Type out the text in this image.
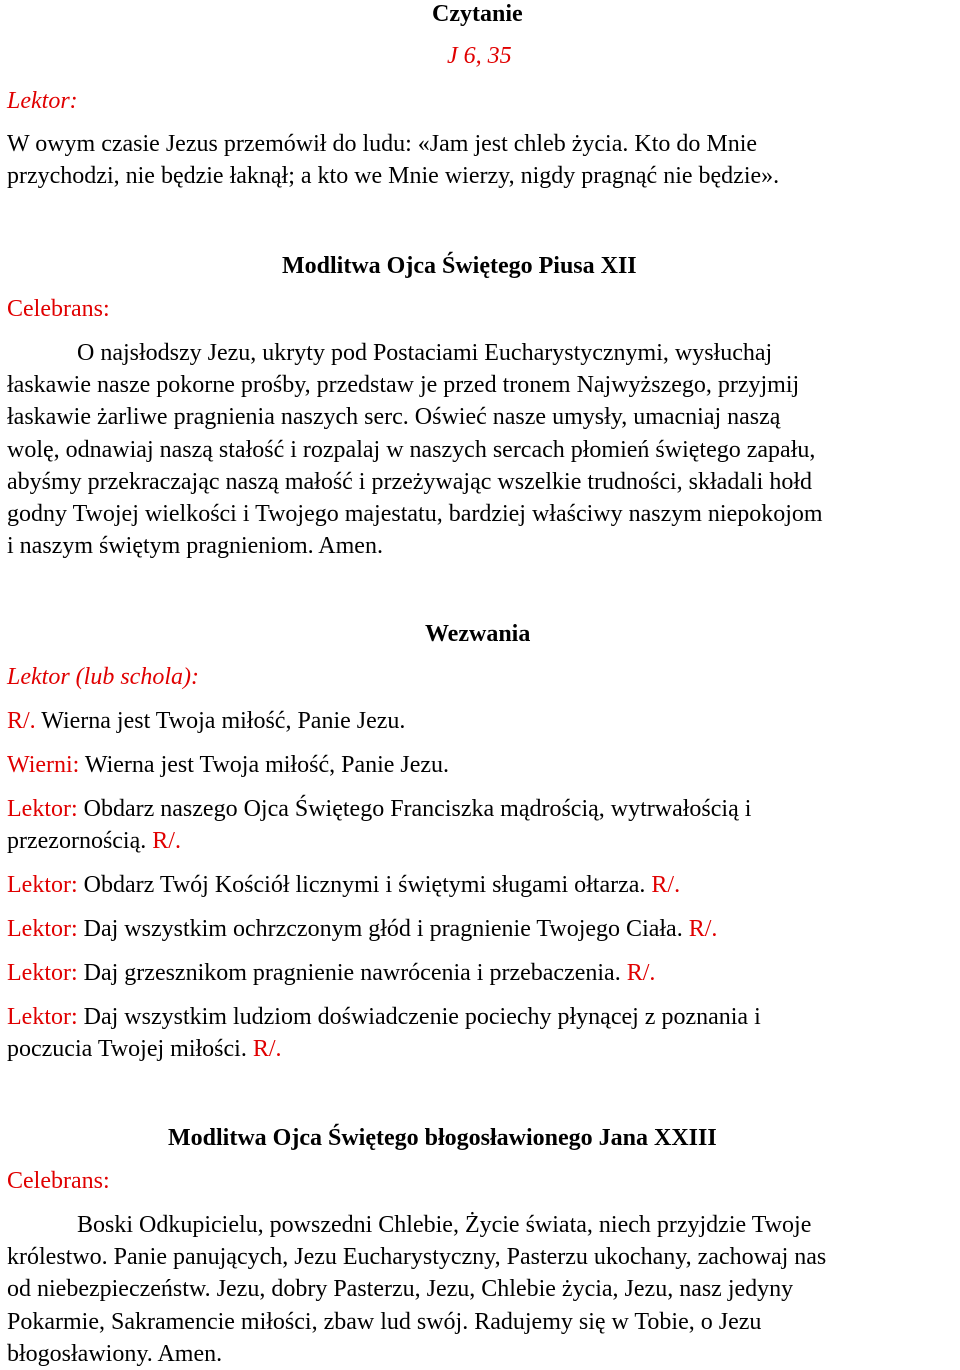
Czytanie
J 6, 35
Lektor:
W owym czasie Jezus przemówił do ludu: «Jam jest chleb życia. Kto do Mnie
przychodzi, nie będzie łaknął; a kto we Mnie wierzy, nigdy pragnąć nie będzie».
Modlitwa Ojca Świętego Piusa XII
Celebrans:
O najsłodszy Jezu, ukryty pod Postaciami Eucharystycznymi, wysłuchaj
łaskawie nasze pokorne prośby, przedstaw je przed tronem Najwyższego, przyjmij
łaskawie żarliwe pragnienia naszych serc. Oświeć nasze umysły, umacniaj naszą
wolę, odnawiaj naszą stałość i rozpalaj w naszych sercach płomień świętego zapału,
abyśmy przekraczając naszą małość i przeżywając wszelkie trudności, składali hołd
godny Twojej wielkości i Twojego majestatu, bardziej właściwy naszym niepokojom
i naszym świętym pragnieniom. Amen.
Wezwania
Lektor (lub schola):
R/. Wierna jest Twoja miłość, Panie Jezu.
Wierni: Wierna jest Twoja miłość, Panie Jezu.
Lektor: Obdarz naszego Ojca Świętego Franciszka mądrością, wytrwałością i
przezornością. R/.
Lektor: Obdarz Twój Kościół licznymi i świętymi sługami ołtarza. R/.
Lektor: Daj wszystkim ochrzczonym głód i pragnienie Twojego Ciała. R/.
Lektor: Daj grzesznikom pragnienie nawrócenia i przebaczenia. R/.
Lektor: Daj wszystkim ludziom doświadczenie pociechy płynącej z poznania i
poczucia Twojej miłości. R/.
Modlitwa Ojca Świętego błogosławionego Jana XXIII
Celebrans:
Boski Odkupicielu, powszedni Chlebie, Życie świata, niech przyjdzie Twoje
królestwo. Panie panujących, Jezu Eucharystyczny, Pasterzu ukochany, zachowaj nas
od niebezpieczeństw. Jezu, dobry Pasterzu, Jezu, Chlebie życia, Jezu, nasz jedyny
Pokarmie, Sakramencie miłości, zbaw lud swój. Radujemy się w Tobie, o Jezu
błogosławiony. Amen.
